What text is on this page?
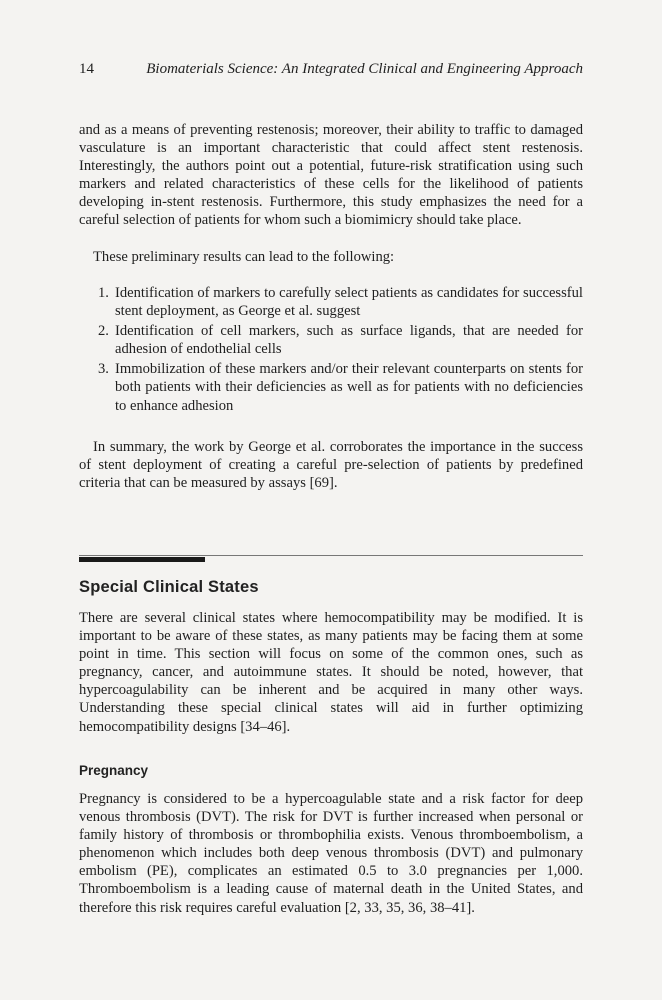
14	Biomaterials Science: An Integrated Clinical and Engineering Approach

and as a means of preventing restenosis; moreover, their ability to traffic to damaged vasculature is an important characteristic that could affect stent restenosis. Interestingly, the authors point out a potential, future-risk stratification using such markers and related characteristics of these cells for the likelihood of patients developing in-stent restenosis. Furthermore, this study emphasizes the need for a careful selection of patients for whom such a biomimicry should take place.

These preliminary results can lead to the following:

1. Identification of markers to carefully select patients as candidates for successful stent deployment, as George et al. suggest
2. Identification of cell markers, such as surface ligands, that are needed for adhesion of endothelial cells
3. Immobilization of these markers and/or their relevant counterparts on stents for both patients with their deficiencies as well as for patients with no deficiencies to enhance adhesion

In summary, the work by George et al. corroborates the importance in the success of stent deployment of creating a careful pre-selection of patients by predefined criteria that can be measured by assays [69].

Special Clinical States

There are several clinical states where hemocompatibility may be modified. It is important to be aware of these states, as many patients may be facing them at some point in time. This section will focus on some of the common ones, such as pregnancy, cancer, and autoimmune states. It should be noted, however, that hypercoagulability can be inherent and be acquired in many other ways. Understanding these special clinical states will aid in further optimizing hemocompatibility designs [34–46].

Pregnancy

Pregnancy is considered to be a hypercoagulable state and a risk factor for deep venous thrombosis (DVT). The risk for DVT is further increased when personal or family history of thrombosis or thrombophilia exists. Venous thromboembolism, a phenomenon which includes both deep venous thrombosis (DVT) and pulmonary embolism (PE), complicates an estimated 0.5 to 3.0 pregnancies per 1,000. Thromboembolism is a leading cause of maternal death in the United States, and therefore this risk requires careful evaluation [2, 33, 35, 36, 38–41].
